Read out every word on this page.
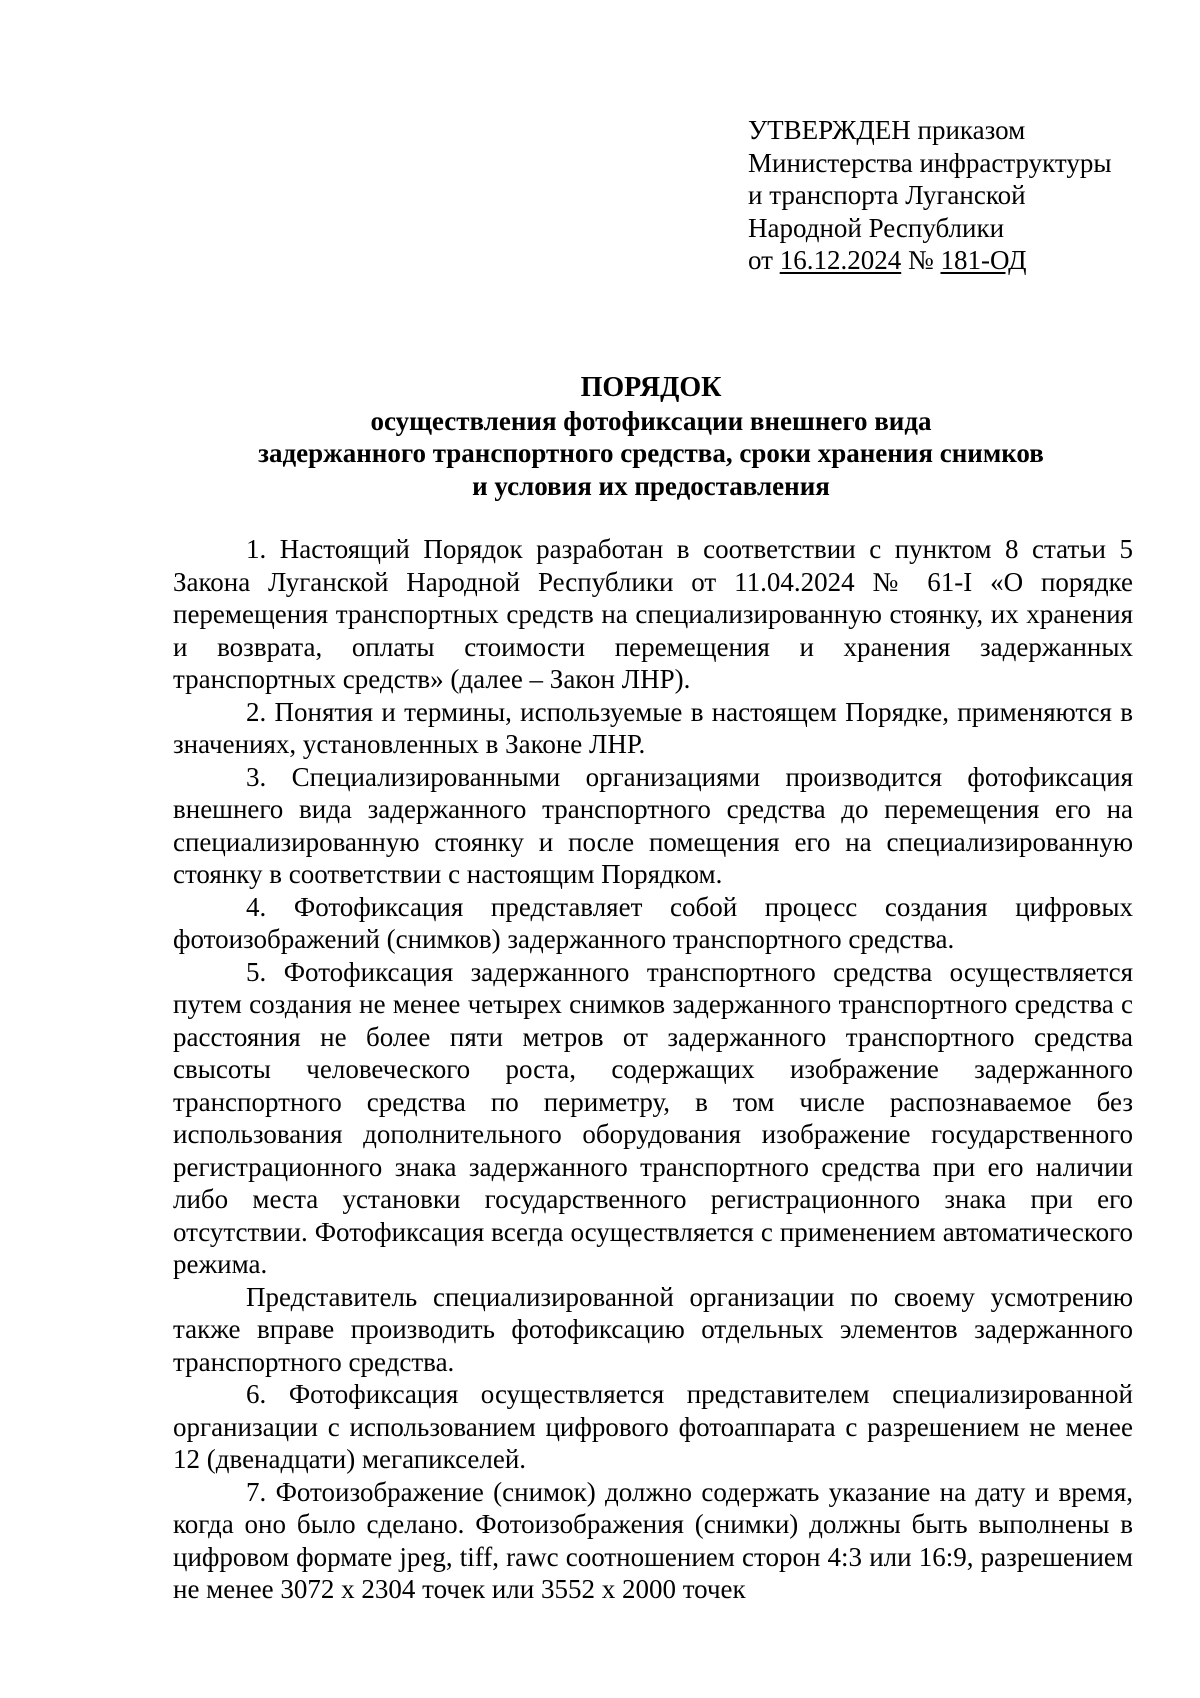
УТВЕРЖДЕН приказом
Министерства инфраструктуры
и транспорта Луганской
Народной Республики
от 16.12.2024 № 181-ОД
ПОРЯДОК
осуществления фотофиксации внешнего вида
задержанного транспортного средства, сроки хранения снимков
и условия их предоставления

1. Настоящий Порядок разработан в соответствии с пунктом 8 статьи 5 Закона Луганской Народной Республики от 11.04.2024 № 61-I «О порядке перемещения транспортных средств на специализированную стоянку, их хранения и возврата, оплаты стоимости перемещения и хранения задержанных транспортных средств» (далее – Закон ЛНР).

2. Понятия и термины, используемые в настоящем Порядке, применяются в значениях, установленных в Законе ЛНР.

3. Специализированными организациями производится фотофиксация внешнего вида задержанного транспортного средства до перемещения его на специализированную стоянку и после помещения его на специализированную стоянку в соответствии с настоящим Порядком.

4. Фотофиксация представляет собой процесс создания цифровых фотоизображений (снимков) задержанного транспортного средства.

5. Фотофиксация задержанного транспортного средства осуществляется путем создания не менее четырех снимков задержанного транспортного средства с расстояния не более пяти метров от задержанного транспортного средства свысоты человеческого роста, содержащих изображение задержанного транспортного средства по периметру, в том числе распознаваемое без использования дополнительного оборудования изображение государственного регистрационного знака задержанного транспортного средства при его наличии либо места установки государственного регистрационного знака при его отсутствии. Фотофиксация всегда осуществляется с применением автоматического режима.

Представитель специализированной организации по своему усмотрению также вправе производить фотофиксацию отдельных элементов задержанного транспортного средства.

6. Фотофиксация осуществляется представителем специализированной организации с использованием цифрового фотоаппарата с разрешением не менее 12 (двенадцати) мегапикселей.

7. Фотоизображение (снимок) должно содержать указание на дату и время, когда оно было сделано. Фотоизображения (снимки) должны быть выполнены в цифровом формате jpeg, tiff, rawс соотношением сторон 4:3 или 16:9, разрешением не менее 3072 х 2304 точек или 3552 х 2000 точек
